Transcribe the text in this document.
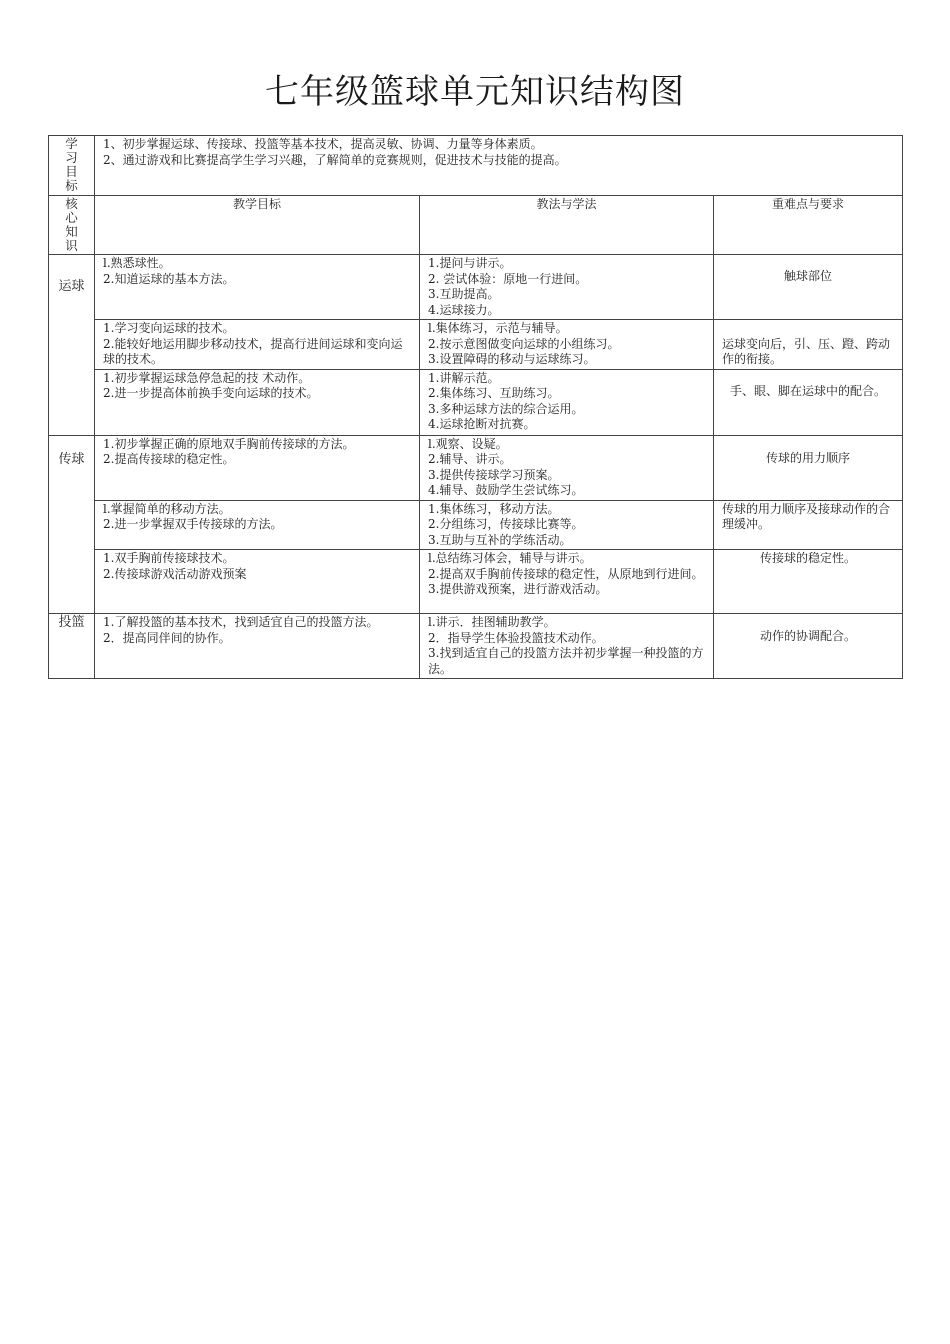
七年级篮球单元知识结构图
学习目标	1、初步掌握运球、传接球、投篮等基本技术，提高灵敏、协调、力量等身体素质。
2、通过游戏和比赛提高学生学习兴趣，了解简单的竞赛规则，促进技术与技能的提高。		

核心知识	教学目标	教法与学法	重难点与要求
运球	l.熟悉球性。
2.知道运球的基本方法。	1.提问与讲示。
2. 尝试体验：原地一行进间。
3.互助提高。
4.运球接力。	触球部位

	1.学习变向运球的技术。
2.能较好地运用脚步移动技术，提高行进间运球和变向运球的技术。	l.集体练习，示范与辅导。
2.按示意图做变向运球的小组练习。
3.设置障碍的移动与运球练习。	运球变向后，引、压、蹬、跨动作的衔接。

	1.初步掌握运球急停急起的技 术动作。
2.进一步提高体前换手变向运球的技术。	1.讲解示范。
2.集体练习、互助练习。
3.多种运球方法的综合运用。
4.运球抢断对抗赛。	手、眼、脚在运球中的配合。
传球	1.初步掌握正确的原地双手胸前传接球的方法。
2.提高传接球的稳定性。	l.观察、设疑。
2.辅导、讲示。
3.提供传接球学习预案。
4.辅导、鼓励学生尝试练习。	传球的用力顺序

	l.掌握简单的移动方法。
2.进一步掌握双手传接球的方法。	1.集体练习，移动方法。
2.分组练习，传接球比赛等。
3.互助与互补的学练活动。	传球的用力顺序及接球动作的合理缓冲。

	1.双手胸前传接球技术。
2.传接球游戏活动游戏预案	l.总结练习体会，辅导与讲示。
2.提高双手胸前传接球的稳定性，从原地到行进间。
3.提供游戏预案，进行游戏活动。	传接球的稳定性。
投篮	1.了解投篮的基本技术，找到适宜自己的投篮方法。
2．提高同伴间的协作。	l.讲示．挂图辅助教学。
2．指导学生体验投篮技术动作。
3.找到适宜自己的投篮方法并初步掌握一种投篮的方法。	动作的协调配合。
